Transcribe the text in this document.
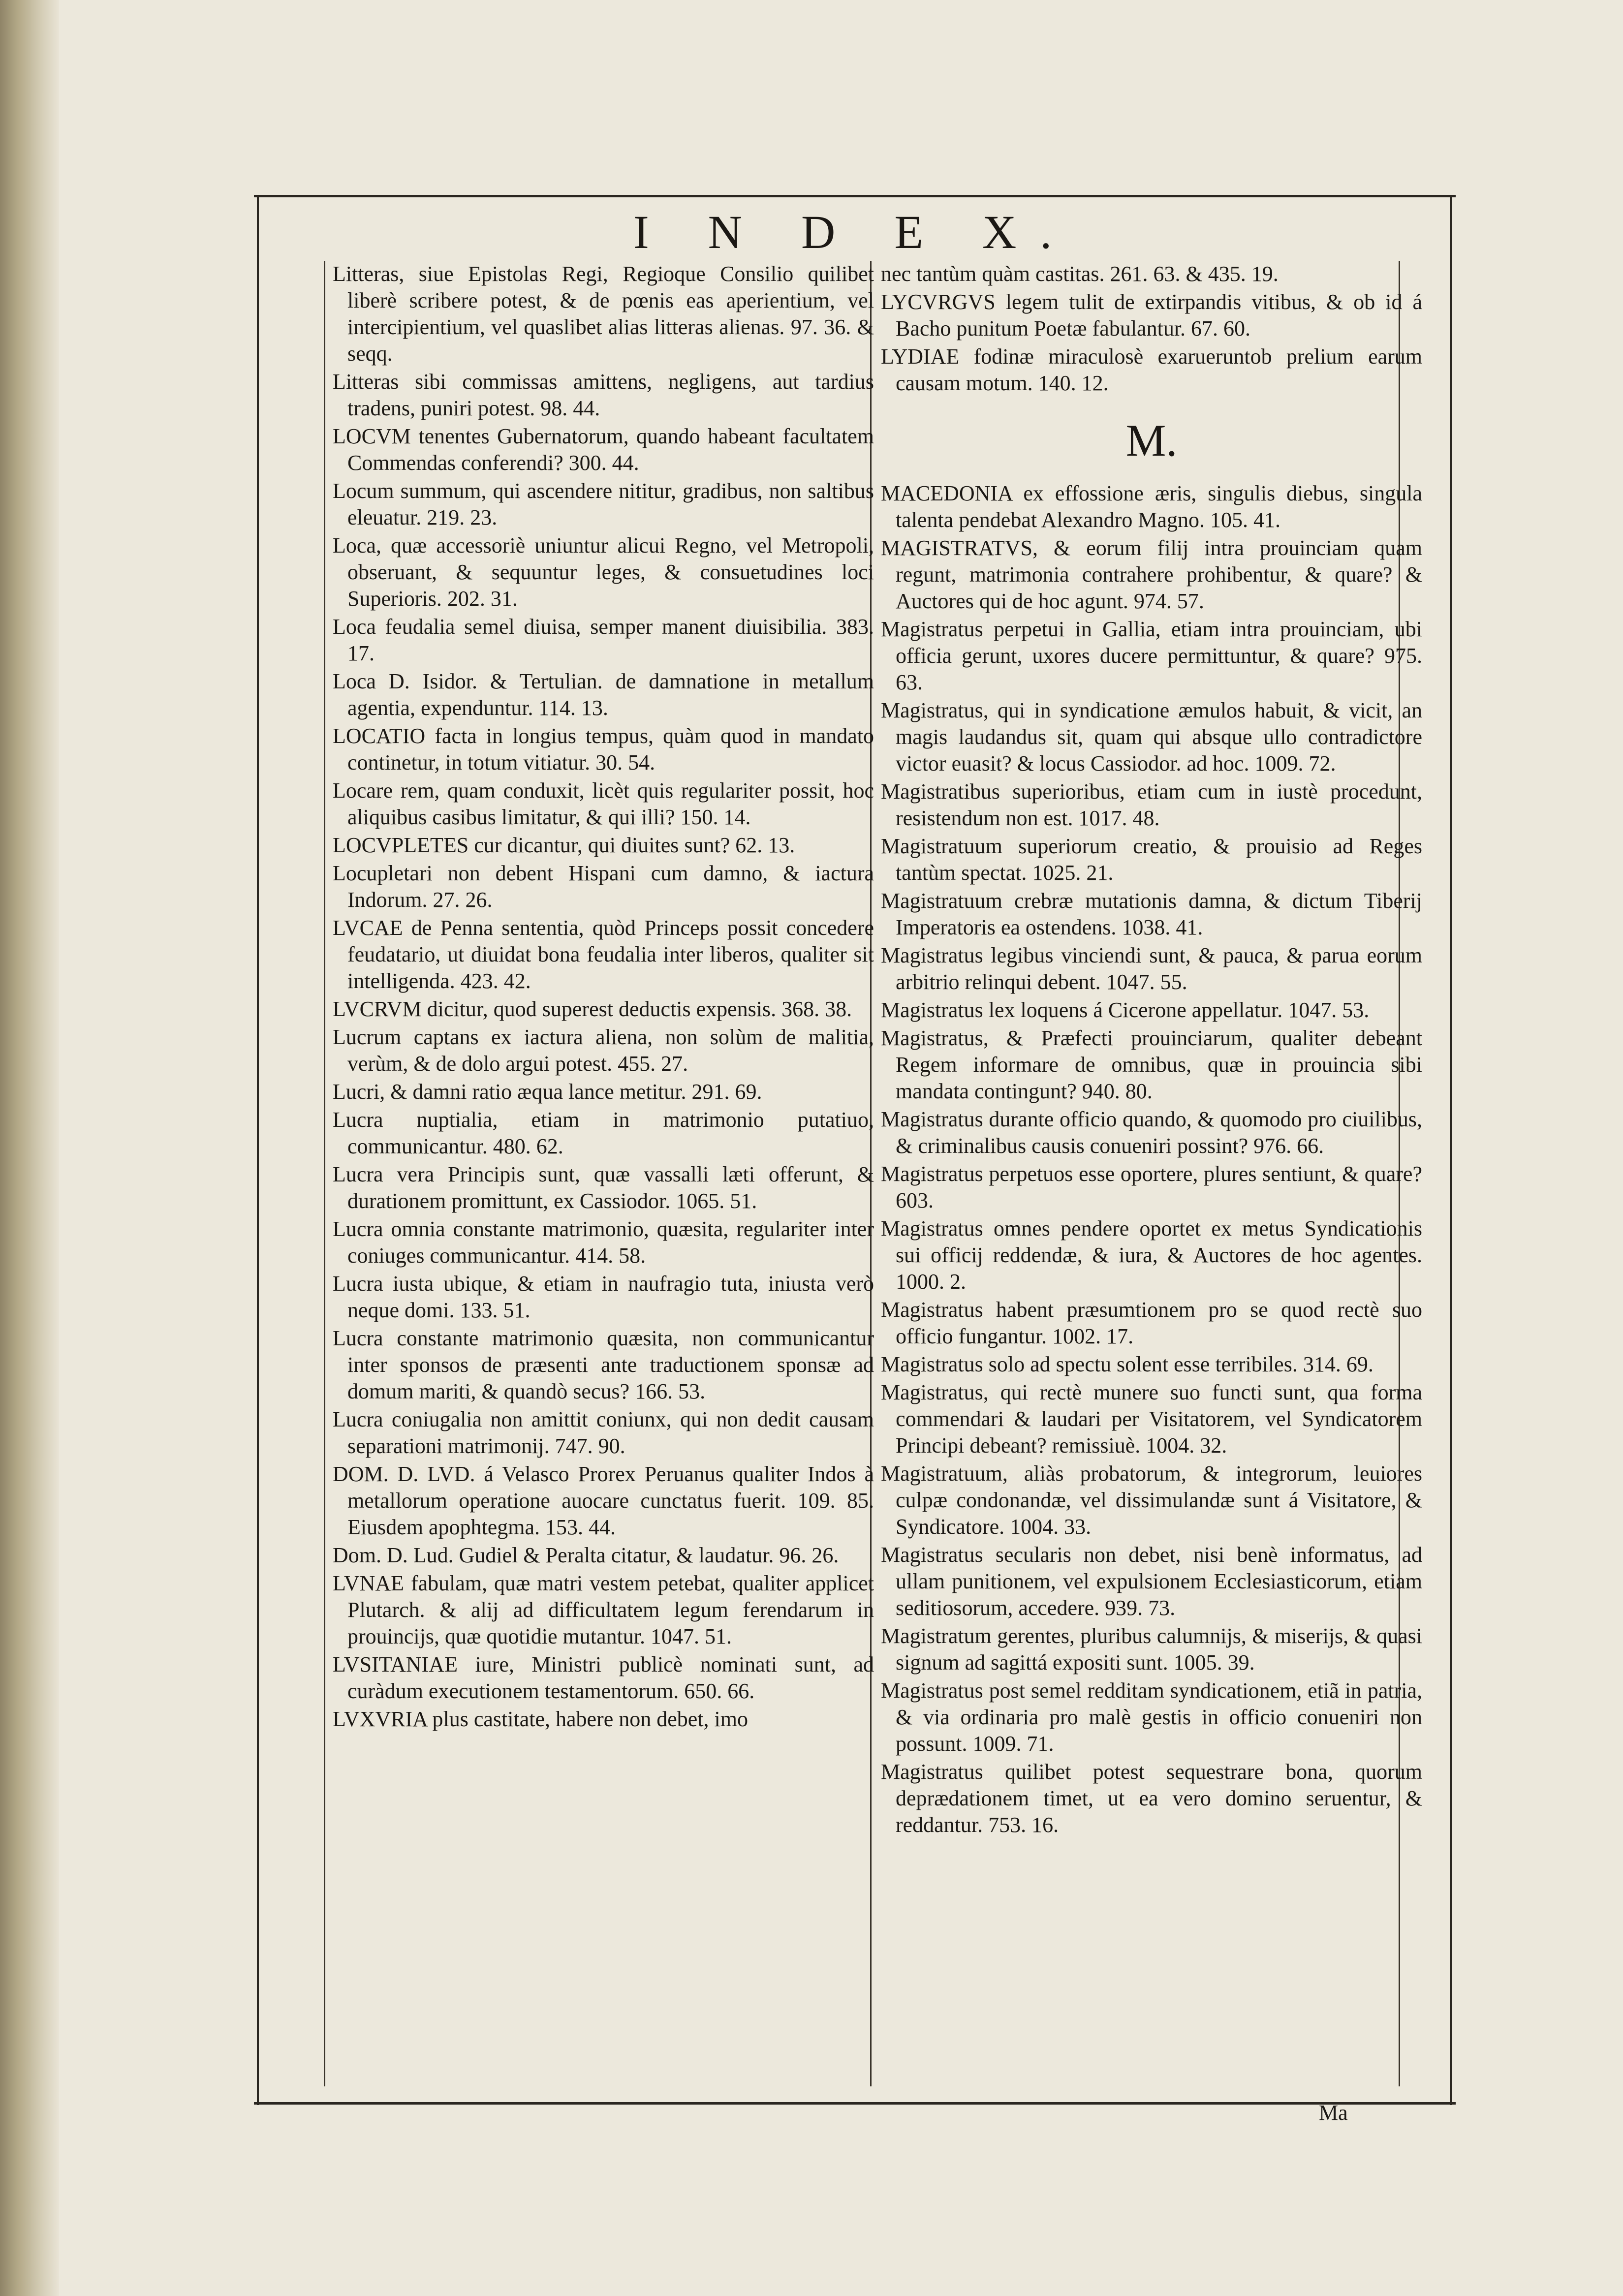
I N D E X.

Litteras, siue Epistolas Regi, Regioque Consilio quilibet liberè scribere potest, & de pœnis eas aperientium, vel intercipientium, vel quaslibet alias litteras alienas. 97. 36. & seqq.

Litteras sibi commissas amittens, negligens, aut tardius tradens, puniri potest. 98. 44.

LOCVM tenentes Gubernatorum, quando habeant facultatem Commendas conferendi? 300. 44.

Locum summum, qui ascendere nititur, gradibus, non saltibus eleuatur. 219. 23.

Loca, quæ accessoriè uniuntur alicui Regno, vel Metropoli, obseruant, & sequuntur leges, & consuetudines loci Superioris. 202. 31.

Loca feudalia semel diuisa, semper manent diuisibilia. 383. 17.

Loca D. Isidor. & Tertulian. de damnatione in metallum agentia, expenduntur. 114. 13.

LOCATIO facta in longius tempus, quàm quod in mandato continetur, in totum vitiatur. 30. 54.

Locare rem, quam conduxit, licèt quis regulariter possit, hoc aliquibus casibus limitatur, & qui illi? 150. 14.

LOCVPLETES cur dicantur, qui diuites sunt? 62. 13.

Locupletari non debent Hispani cum damno, & iactura Indorum. 27. 26.

LVCAE de Penna sententia, quòd Princeps possit concedere feudatario, ut diuidat bona feudalia inter liberos, qualiter sit intelligenda. 423. 42.

LVCRVM dicitur, quod superest deductis expensis. 368. 38.

Lucrum captans ex iactura aliena, non solùm de malitia, verùm, & de dolo argui potest. 455. 27.

Lucri, & damni ratio æqua lance metitur. 291. 69.

Lucra nuptialia, etiam in matrimonio putatiuo, communicantur. 480. 62.

Lucra vera Principis sunt, quæ vassalli læti offerunt, & durationem promittunt, ex Cassiodor. 1065. 51.

Lucra omnia constante matrimonio, quæsita, regulariter inter coniuges communicantur. 414. 58.

Lucra iusta ubique, & etiam in naufragio tuta, iniusta verò neque domi. 133. 51.

Lucra constante matrimonio quæsita, non communicantur inter sponsos de præsenti ante traductionem sponsæ ad domum mariti, & quandò secus? 166. 53.

Lucra coniugalia non amittit coniunx, qui non dedit causam separationi matrimonij. 747. 90.

DOM. D. LVD. á Velasco Prorex Peruanus qualiter Indos à metallorum operatione auocare cunctatus fuerit. 109. 85. Eiusdem apophtegma. 153. 44.

Dom. D. Lud. Gudiel & Peralta citatur, & laudatur. 96. 26.

LVNAE fabulam, quæ matri vestem petebat, qualiter applicet Plutarch. & alij ad difficultatem legum ferendarum in prouincijs, quæ quotidie mutantur. 1047. 51.

LVSITANIAE iure, Ministri publicè nominati sunt, ad curàdum executionem testamentorum. 650. 66.

LVXVRIA plus castitate, habere non debet, imo

nec tantùm quàm castitas. 261. 63. & 435. 19.

LYCVRGVS legem tulit de extirpandis vitibus, & ob id á Bacho punitum Poetæ fabulantur. 67. 60.

LYDIAE fodinæ miraculosè exarueruntob prelium earum causam motum. 140. 12.

M.

MACEDONIA ex effossione æris, singulis diebus, singula talenta pendebat Alexandro Magno. 105. 41.

MAGISTRATVS, & eorum filij intra prouinciam quam regunt, matrimonia contrahere prohibentur, & quare? & Auctores qui de hoc agunt. 974. 57.

Magistratus perpetui in Gallia, etiam intra prouinciam, ubi officia gerunt, uxores ducere permittuntur, & quare? 975. 63.

Magistratus, qui in syndicatione æmulos habuit, & vicit, an magis laudandus sit, quam qui absque ullo contradictore victor euasit? & locus Cassiodor. ad hoc. 1009. 72.

Magistratibus superioribus, etiam cum in iustè procedunt, resistendum non est. 1017. 48.

Magistratuum superiorum creatio, & prouisio ad Reges tantùm spectat. 1025. 21.

Magistratuum crebræ mutationis damna, & dictum Tiberij Imperatoris ea ostendens. 1038. 41.

Magistratus legibus vinciendi sunt, & pauca, & parua eorum arbitrio relinqui debent. 1047. 55.

Magistratus lex loquens á Cicerone appellatur. 1047. 53.

Magistratus, & Præfecti prouinciarum, qualiter debeant Regem informare de omnibus, quæ in prouincia sibi mandata contingunt? 940. 80.

Magistratus durante officio quando, & quomodo pro ciuilibus, & criminalibus causis conueniri possint? 976. 66.

Magistratus perpetuos esse oportere, plures sentiunt, & quare? 603.

Magistratus omnes pendere oportet ex metus Syndicationis sui officij reddendæ, & iura, & Auctores de hoc agentes. 1000. 2.

Magistratus habent præsumtionem pro se quod rectè suo officio fungantur. 1002. 17.

Magistratus solo ad spectu solent esse terribiles. 314. 69.

Magistratus, qui rectè munere suo functi sunt, qua forma commendari & laudari per Visitatorem, vel Syndicatorem Principi debeant? remissiuè. 1004. 32.

Magistratuum, aliàs probatorum, & integrorum, leuiores culpæ condonandæ, vel dissimulandæ sunt á Visitatore, & Syndicatore. 1004. 33.

Magistratus secularis non debet, nisi benè informatus, ad ullam punitionem, vel expulsionem Ecclesiasticorum, etiam seditiosorum, accedere. 939. 73.

Magistratum gerentes, pluribus calumnijs, & miserijs, & quasi signum ad sagittá expositi sunt. 1005. 39.

Magistratus post semel redditam syndicationem, etiã in patria, & via ordinaria pro malè gestis in officio conueniri non possunt. 1009. 71.

Magistratus quilibet potest sequestrare bona, quorum deprædationem timet, ut ea vero domino seruentur, & reddantur. 753. 16.

Ma
